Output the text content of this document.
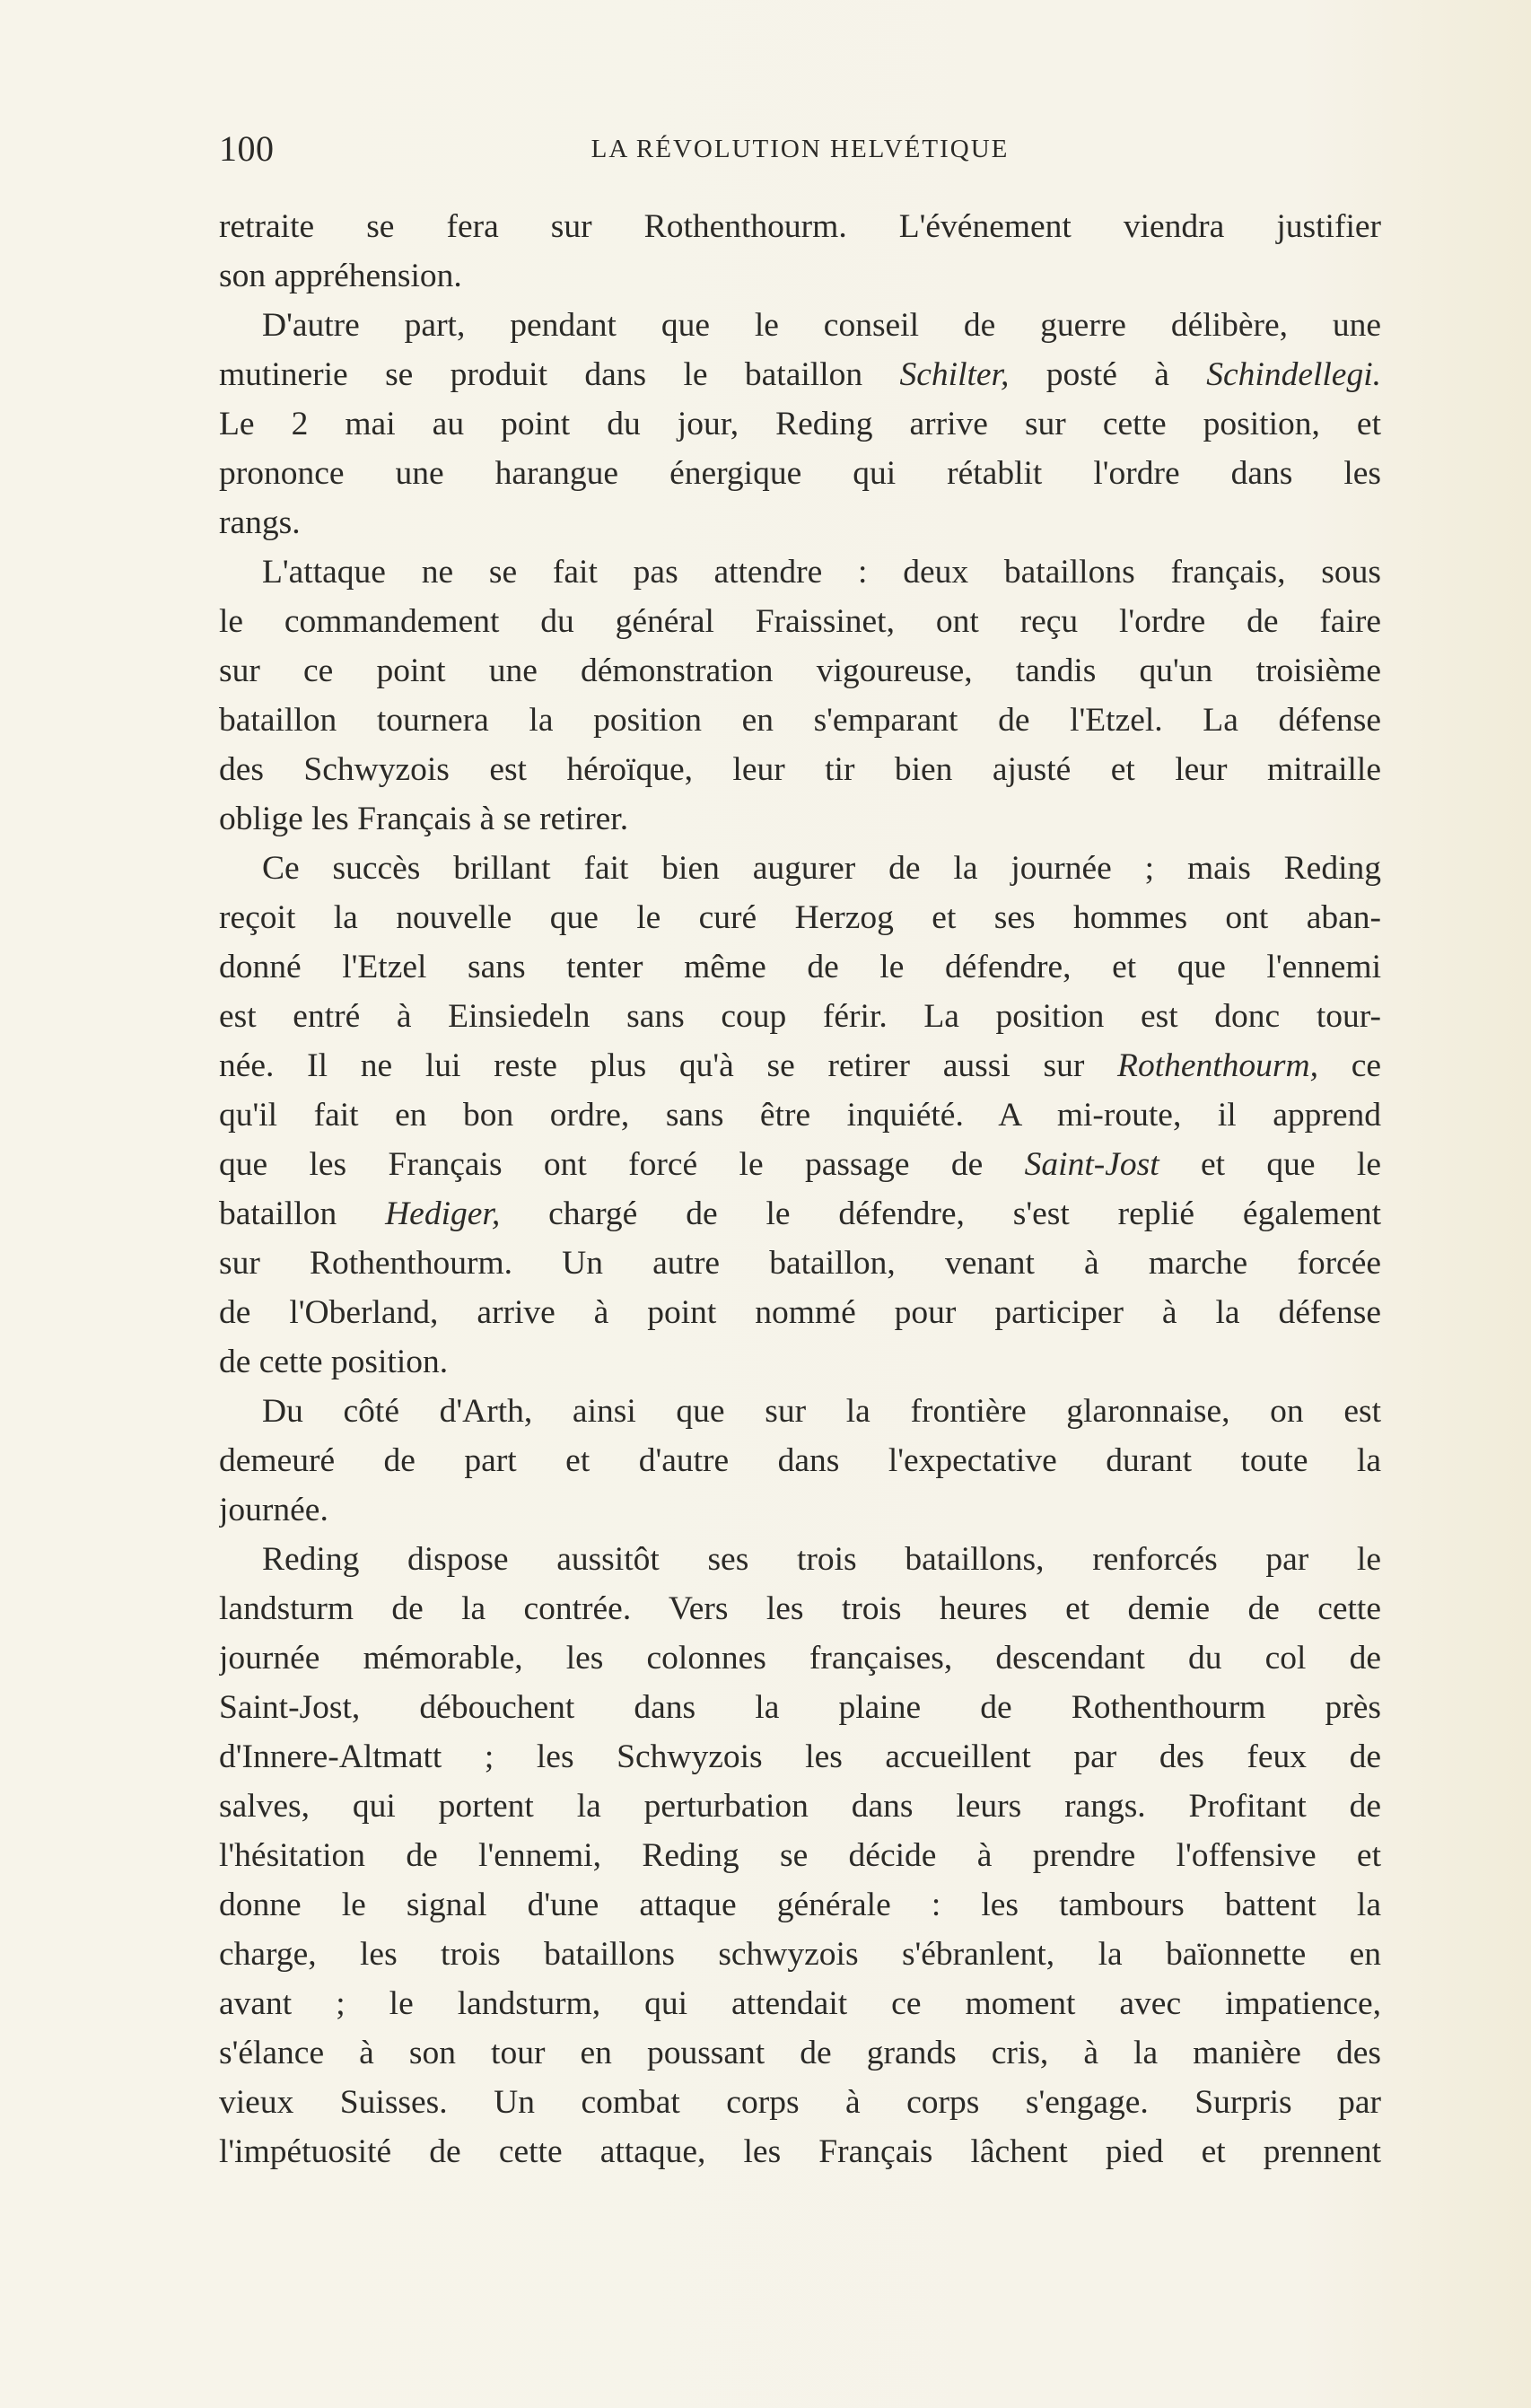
100	LA RÉVOLUTION HELVÉTIQUE
retraite se fera sur Rothenthourm. L'événement viendra justifier
son appréhension.
D'autre part, pendant que le conseil de guerre délibère, une
mutinerie se produit dans le bataillon Schilter, posté à Schindellegi.
Le 2 mai au point du jour, Reding arrive sur cette position, et
prononce une harangue énergique qui rétablit l'ordre dans les
rangs.
L'attaque ne se fait pas attendre : deux bataillons français, sous
le commandement du général Fraissinet, ont reçu l'ordre de faire
sur ce point une démonstration vigoureuse, tandis qu'un troisième
bataillon tournera la position en s'emparant de l'Etzel. La défense
des Schwyzois est héroïque, leur tir bien ajusté et leur mitraille
oblige les Français à se retirer.
Ce succès brillant fait bien augurer de la journée ; mais Reding
reçoit la nouvelle que le curé Herzog et ses hommes ont aban-
donné l'Etzel sans tenter même de le défendre, et que l'ennemi
est entré à Einsiedeln sans coup férir. La position est donc tour-
née. Il ne lui reste plus qu'à se retirer aussi sur Rothenthourm, ce
qu'il fait en bon ordre, sans être inquiété. A mi-route, il apprend
que les Français ont forcé le passage de Saint-Jost et que le
bataillon Hediger, chargé de le défendre, s'est replié également
sur Rothenthourm. Un autre bataillon, venant à marche forcée
de l'Oberland, arrive à point nommé pour participer à la défense
de cette position.
Du côté d'Arth, ainsi que sur la frontière glaronnaise, on est
demeuré de part et d'autre dans l'expectative durant toute la
journée.
Reding dispose aussitôt ses trois bataillons, renforcés par le
landsturm de la contrée. Vers les trois heures et demie de cette
journée mémorable, les colonnes françaises, descendant du col de
Saint-Jost, débouchent dans la plaine de Rothenthourm près
d'Innere-Altmatt ; les Schwyzois les accueillent par des feux de
salves, qui portent la perturbation dans leurs rangs. Profitant de
l'hésitation de l'ennemi, Reding se décide à prendre l'offensive et
donne le signal d'une attaque générale : les tambours battent la
charge, les trois bataillons schwyzois s'ébranlent, la baïonnette en
avant ; le landsturm, qui attendait ce moment avec impatience,
s'élance à son tour en poussant de grands cris, à la manière des
vieux Suisses. Un combat corps à corps s'engage. Surpris par
l'impétuosité de cette attaque, les Français lâchent pied et prennent
